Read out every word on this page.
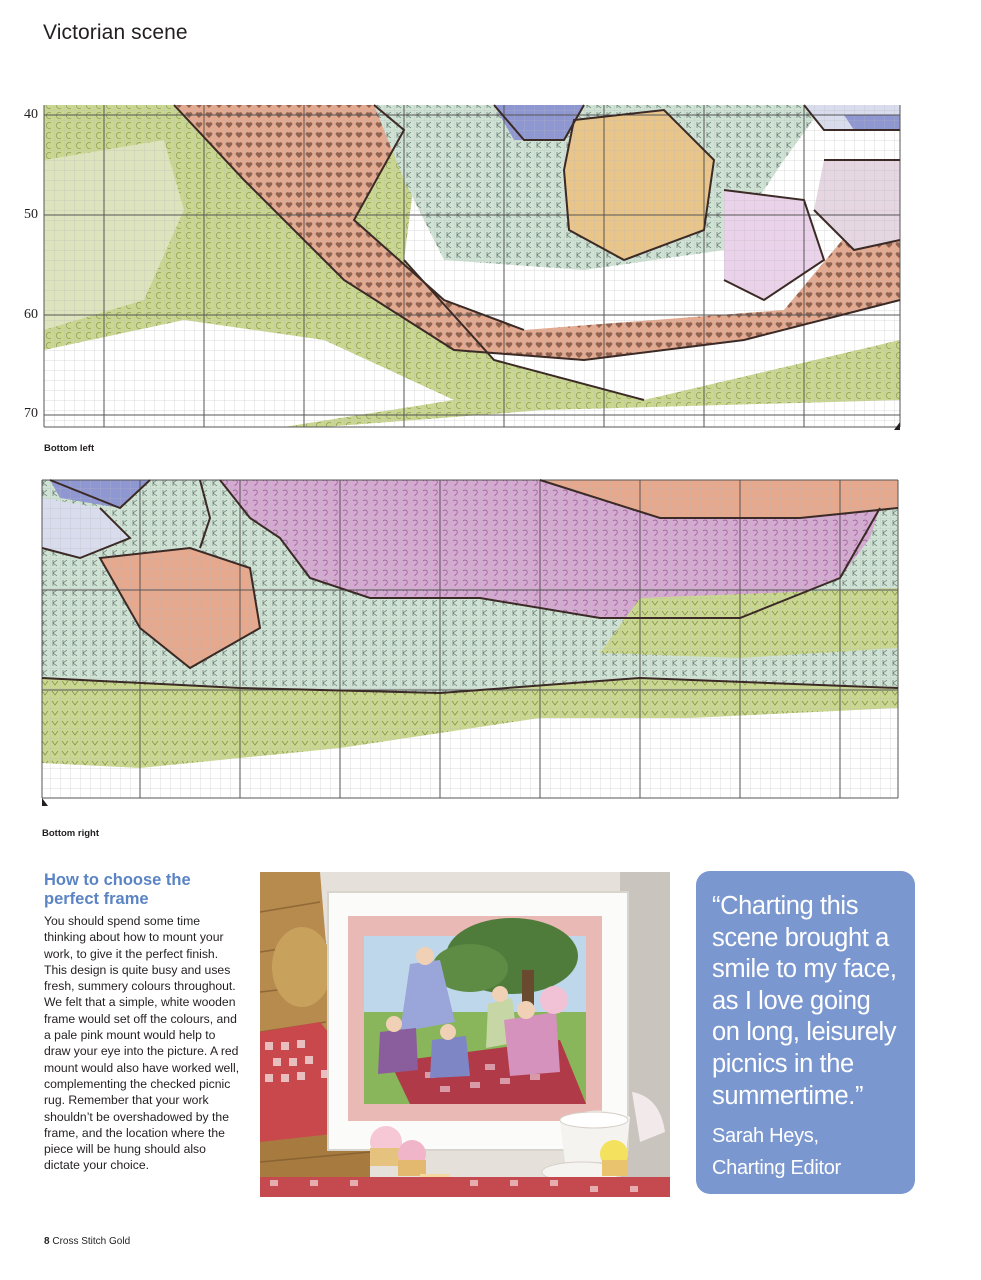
Victorian scene
40
50
60
70
Bottom left
Bottom right
How to choose the perfect frame

You should spend some time thinking about how to mount your work, to give it the perfect finish. This design is quite busy and uses fresh, summery colours throughout. We felt that a simple, white wooden frame would set off the colours, and a pale pink mount would help to draw your eye into the picture. A red mount would also have worked well, complementing the checked picnic rug. Remember that your work shouldn’t be overshadowed by the frame, and the location where the piece will be hung should also dictate your choice.

“Charting this scene brought a smile to my face, as I love going on long, leisurely picnics in the summertime.”

Sarah Heys,
Charting Editor
8 Cross Stitch Gold
